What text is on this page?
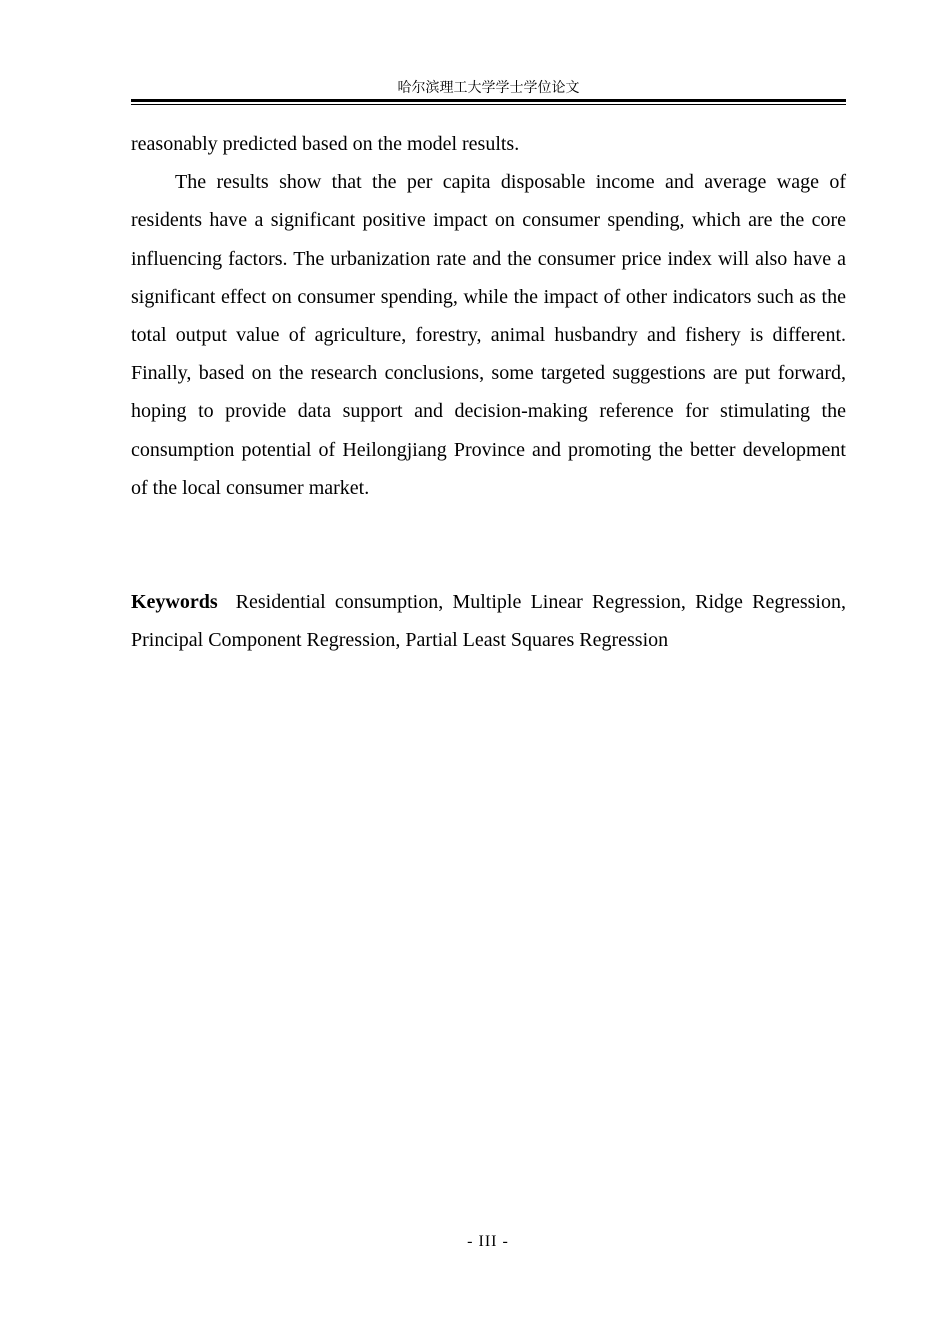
哈尔滨理工大学学士学位论文

reasonably predicted based on the model results.

The results show that the per capita disposable income and average wage of residents have a significant positive impact on consumer spending, which are the core influencing factors. The urbanization rate and the consumer price index will also have a significant effect on consumer spending, while the impact of other indicators such as the total output value of agriculture, forestry, animal husbandry and fishery is different. Finally, based on the research conclusions, some targeted suggestions are put forward, hoping to provide data support and decision-making reference for stimulating the consumption potential of Heilongjiang Province and promoting the better development of the local consumer market.

Keywords Residential consumption, Multiple Linear Regression, Ridge Regression, Principal Component Regression, Partial Least Squares Regression

- III -
